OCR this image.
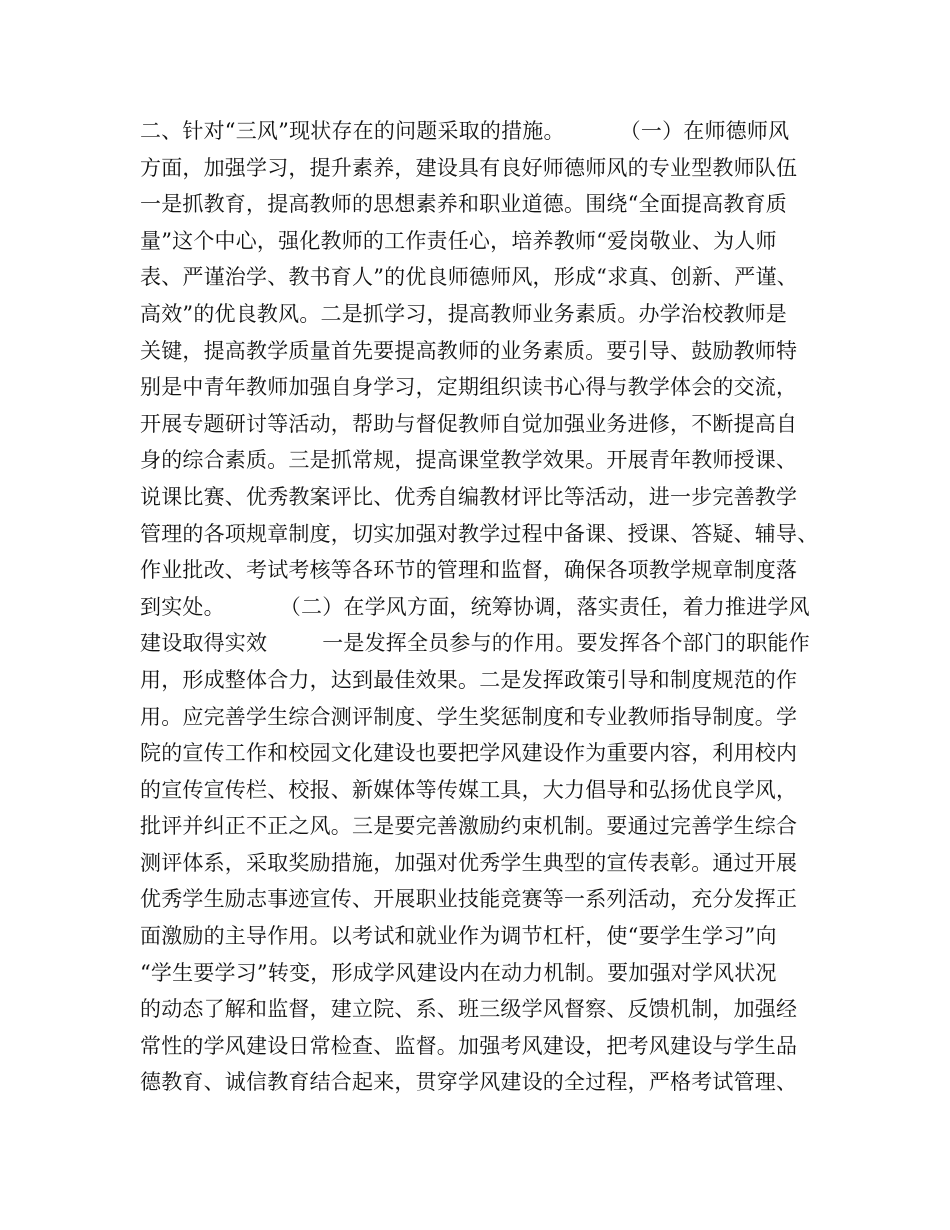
二、针对“三风”现状存在的问题采取的措施。        （一）在师德师风
方面，加强学习，提升素养，建设具有良好师德师风的专业型教师队伍
一是抓教育，提高教师的思想素养和职业道德。围绕“全面提高教育质
量”这个中心，强化教师的工作责任心，培养教师“爱岗敬业、为人师
表、严谨治学、教书育人”的优良师德师风，形成“求真、创新、严谨、
高效”的优良教风。二是抓学习，提高教师业务素质。办学治校教师是
关键，提高教学质量首先要提高教师的业务素质。要引导、鼓励教师特
别是中青年教师加强自身学习，定期组织读书心得与教学体会的交流，
开展专题研讨等活动，帮助与督促教师自觉加强业务进修，不断提高自
身的综合素质。三是抓常规，提高课堂教学效果。开展青年教师授课、
说课比赛、优秀教案评比、优秀自编教材评比等活动，进一步完善教学
管理的各项规章制度，切实加强对教学过程中备课、授课、答疑、辅导、
作业批改、考试考核等各环节的管理和监督，确保各项教学规章制度落
到实处。        （二）在学风方面，统筹协调，落实责任，着力推进学风
建设取得实效        一是发挥全员参与的作用。要发挥各个部门的职能作
用，形成整体合力，达到最佳效果。二是发挥政策引导和制度规范的作
用。应完善学生综合测评制度、学生奖惩制度和专业教师指导制度。学
院的宣传工作和校园文化建设也要把学风建设作为重要内容，利用校内
的宣传宣传栏、校报、新媒体等传媒工具，大力倡导和弘扬优良学风，
批评并纠正不正之风。三是要完善激励约束机制。要通过完善学生综合
测评体系，采取奖励措施，加强对优秀学生典型的宣传表彰。通过开展
优秀学生励志事迹宣传、开展职业技能竞赛等一系列活动，充分发挥正
面激励的主导作用。以考试和就业作为调节杠杆，使“要学生学习”向
“学生要学习”转变，形成学风建设内在动力机制。要加强对学风状况
的动态了解和监督，建立院、系、班三级学风督察、反馈机制，加强经
常性的学风建设日常检查、监督。加强考风建设，把考风建设与学生品
德教育、诚信教育结合起来，贯穿学风建设的全过程，严格考试管理、
